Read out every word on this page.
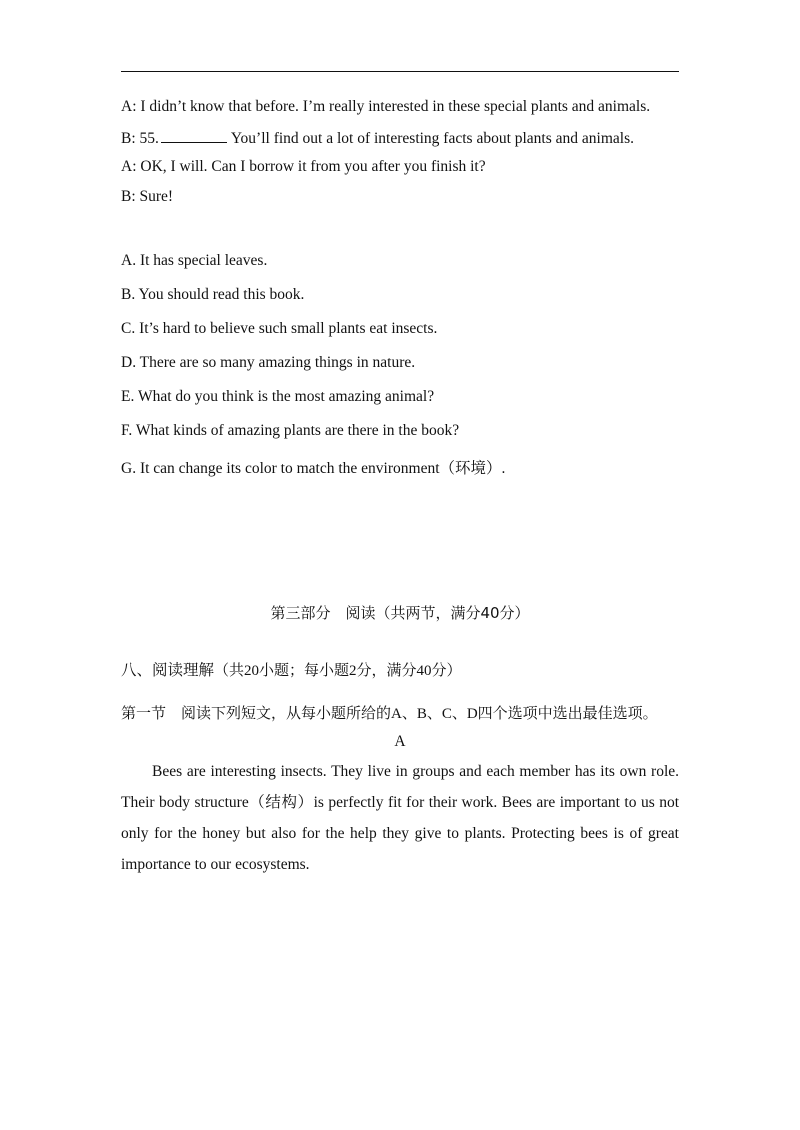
A: I didn’t know that before. I’m really interested in these special plants and animals.
B: 55.	You’ll find out a lot of interesting facts about plants and animals.
A: OK, I will. Can I borrow it from you after you finish it?
B: Sure!
A. It has special leaves.
B. You should read this book.
C. It’s hard to believe such small plants eat insects.
D. There are so many amazing things in nature.
E. What do you think is the most amazing animal?
F. What kinds of amazing plants are there in the book?
G. It can change its color to match the environment（环境）.
第三部分　阅读（共两节，满分40分）
八、阅读理解（共20小题；每小题2分，满分40分）
第一节　阅读下列短文，从每小题所给的A、B、C、D四个选项中选出最佳选项。
A
Bees are interesting insects. They live in groups and each member has its own role. Their body structure（结构）is perfectly fit for their work. Bees are important to us not only for the honey but also for the help they give to plants. Protecting bees is of great importance to our ecosystems.
